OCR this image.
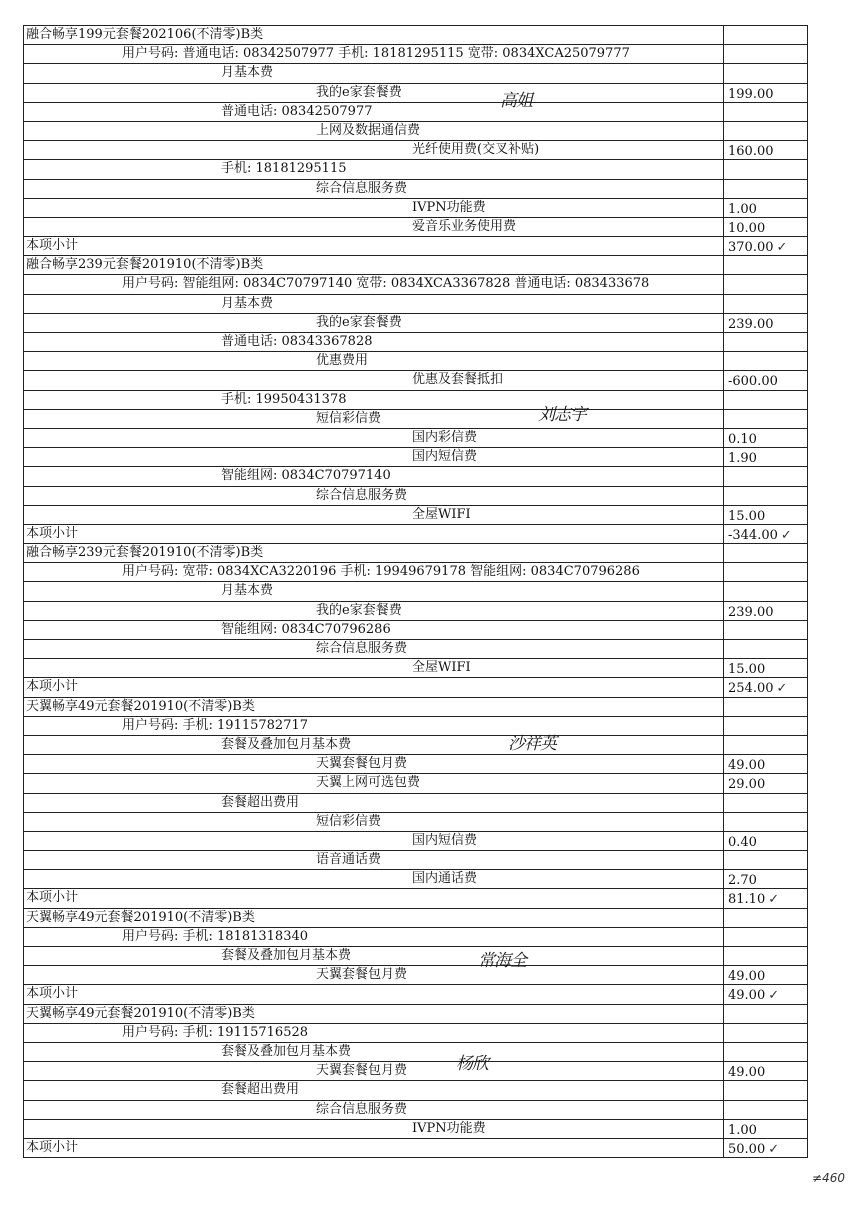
融合畅享199元套餐202106(不清零)B类
用户号码: 普通电话: 08342507977 手机: 18181295115 宽带: 0834XCA25079777
月基本费
我的e家套餐费	199.00
普通电话: 08342507977
上网及数据通信费
光纤使用费(交叉补贴)	160.00
手机: 18181295115
综合信息服务费
IVPN功能费	1.00
爱音乐业务使用费	10.00
本项小计	370.00 ✓
融合畅享239元套餐201910(不清零)B类
用户号码: 智能组网: 0834C70797140 宽带: 0834XCA3367828 普通电话: 083433678
月基本费
我的e家套餐费	239.00
普通电话: 08343367828
优惠费用
优惠及套餐抵扣	-600.00
手机: 19950431378
短信彩信费
国内彩信费	0.10
国内短信费	1.90
智能组网: 0834C70797140
综合信息服务费
全屋WIFI	15.00
本项小计	-344.00 ✓
融合畅享239元套餐201910(不清零)B类
用户号码: 宽带: 0834XCA3220196 手机: 19949679178 智能组网: 0834C70796286
月基本费
我的e家套餐费	239.00
智能组网: 0834C70796286
综合信息服务费
全屋WIFI	15.00
本项小计	254.00 ✓
天翼畅享49元套餐201910(不清零)B类
用户号码: 手机: 19115782717
套餐及叠加包月基本费
天翼套餐包月费	49.00
天翼上网可选包费	29.00
套餐超出费用
短信彩信费
国内短信费	0.40
语音通话费
国内通话费	2.70
本项小计	81.10 ✓
天翼畅享49元套餐201910(不清零)B类
用户号码: 手机: 18181318340
套餐及叠加包月基本费
天翼套餐包月费	49.00
本项小计	49.00 ✓
天翼畅享49元套餐201910(不清零)B类
用户号码: 手机: 19115716528
套餐及叠加包月基本费
天翼套餐包月费	49.00
套餐超出费用
综合信息服务费
IVPN功能费	1.00
本项小计	50.00 ✓
高姐
刘志宇
沙祥英
常海全
杨欣
≠460
